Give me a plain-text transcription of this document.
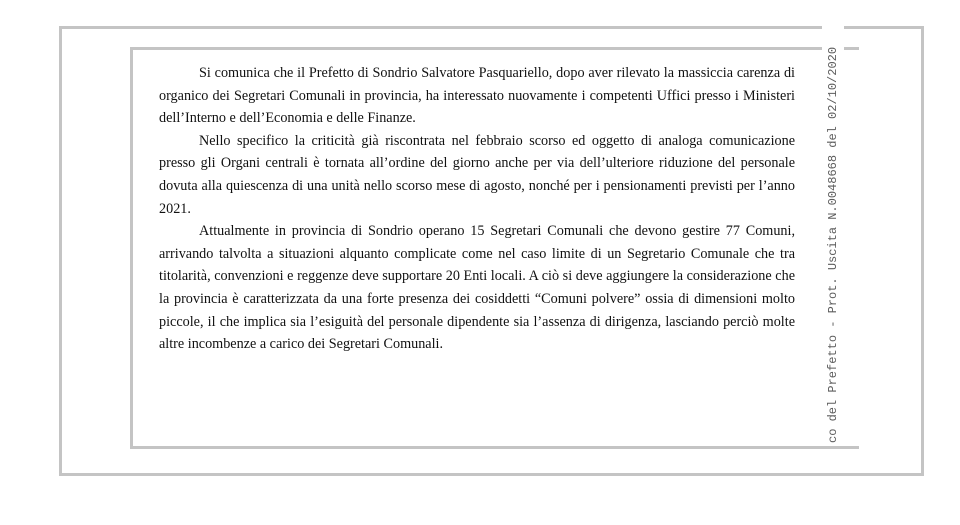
Si comunica che il Prefetto di Sondrio Salvatore Pasquariello, dopo aver rilevato la massiccia carenza di organico dei Segretari Comunali in provincia, ha interessato nuovamente i competenti Uffici presso i Ministeri dell’Interno e dell’Economia e delle Finanze.

Nello specifico la criticità già riscontrata nel febbraio scorso ed oggetto di analoga comunicazione presso gli Organi centrali è tornata all’ordine del giorno anche per via dell’ulteriore riduzione del personale dovuta alla quiescenza di una unità nello scorso mese di agosto, nonché per i pensionamenti previsti per l’anno 2021.

Attualmente in provincia di Sondrio operano 15 Segretari Comunali che devono gestire 77 Comuni, arrivando talvolta a situazioni alquanto complicate come nel caso limite di un Segretario Comunale che tra titolarità, convenzioni e reggenze deve supportare 20 Enti locali. A ciò si deve aggiungere la considerazione che la provincia è caratterizzata da una forte presenza dei cosiddetti “Comuni polvere” ossia di dimensioni molto piccole, il che implica sia l’esiguità del personale dipendente sia l’assenza di dirigenza, lasciando perciò molte altre incombenze a carico dei Segretari Comunali.	co del Prefetto - Prot. Uscita N.0048668 del 02/10/2020
